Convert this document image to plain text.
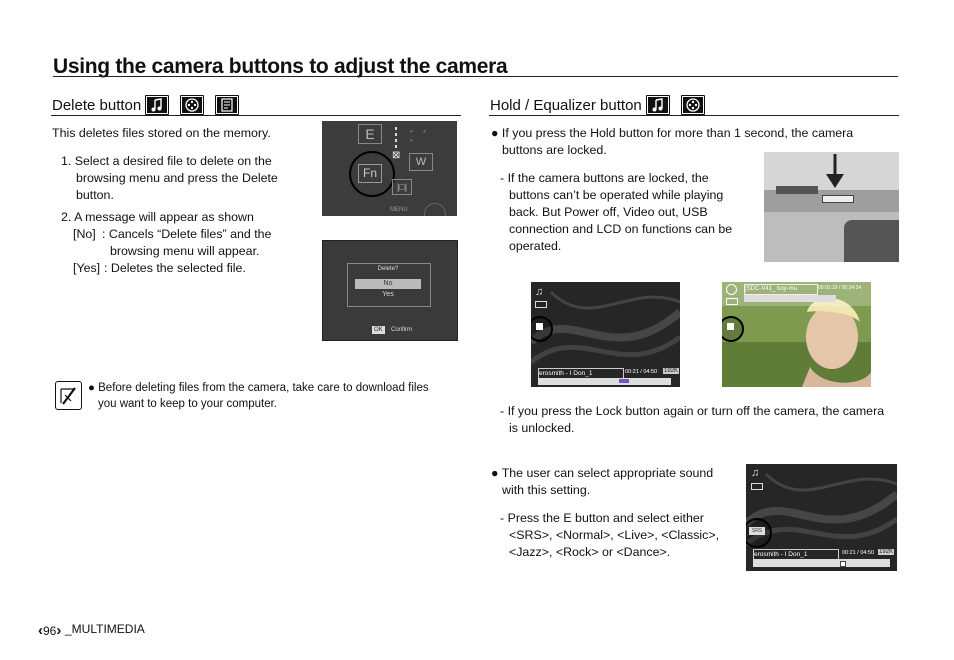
Using the camera buttons to adjust the camera
Delete button
This deletes files stored on the memory.
1. Select a desired file to delete on the
browsing menu and press the Delete
button.
2. A message will appear as shown
[No] : Cancels “Delete files” and the
browsing menu will appear.
[Yes] : Deletes the selected file.
E	• • •
Fn
⊠
W
|□|
MENU
Delete?
No
Yes
OK	Confirm
● Before deleting files from the camera, take care to download files
you want to keep to your computer.
Hold / Equalizer button
● If you press the Hold button for more than 1 second, the camera
buttons are locked.
- If the camera buttons are locked, the
buttons can’t be operated while playing
back. But Power off, Video out, USB
connection and LCD on functions can be
operated.
♫
erosmith - I Don_1	00:21 / 04:50 192K
[SDC-V41_ boy-mu	00:02:19 / 00:24:34
- If you press the Lock button again or turn off the camera, the camera
is unlocked.
● The user can select appropriate sound
with this setting.
- Press the E button and select either
<SRS>, <Normal>, <Live>, <Classic>,
<Jazz>, <Rock> or <Dance>.
♫
SRS
erosmith - I Don_1	00:21 / 04:50 192K
‹96› _MULTIMEDIA
